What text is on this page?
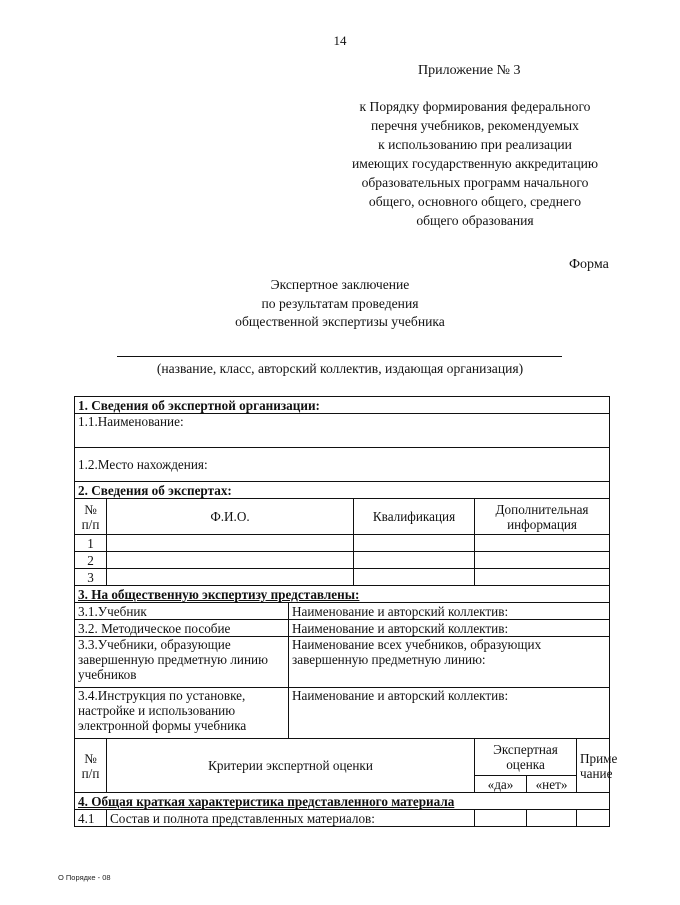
14
Приложение № 3
к Порядку формирования федерального
перечня учебников, рекомендуемых
к использованию при реализации
имеющих государственную аккредитацию
образовательных программ начального
общего, основного общего, среднего
общего образования
Форма
Экспертное заключение
по результатам проведения
общественной экспертизы учебника
(название, класс, авторский коллектив, издающая организация)
1. Сведения об экспертной организации:						
1.1.Наименование:						
1.2.Место нахождения:						
2. Сведения об экспертах:						
№ п/п	Ф.И.О.		Квалификация	Дополнительная информация		
1						
2						
3						
3. На общественную экспертизу представлены:						
3.1.Учебник		Наименование и авторский коллектив:				
3.2. Методическое пособие		Наименование и авторский коллектив:				
3.3.Учебники, образующие завершенную предметную линию учебников		Наименование всех учебников, образующих завершенную предметную линию:				
3.4.Инструкция по установке, настройке и использованию электронной формы учебника		Наименование и авторский коллектив:				
№ п/п	Критерии экспертной оценки			Экспертная оценка		Приме чание
				«да»	«нет»	
4. Общая краткая характеристика представленного материала						
4.1	Состав и полнота представленных материалов:					
О Порядке - 08
